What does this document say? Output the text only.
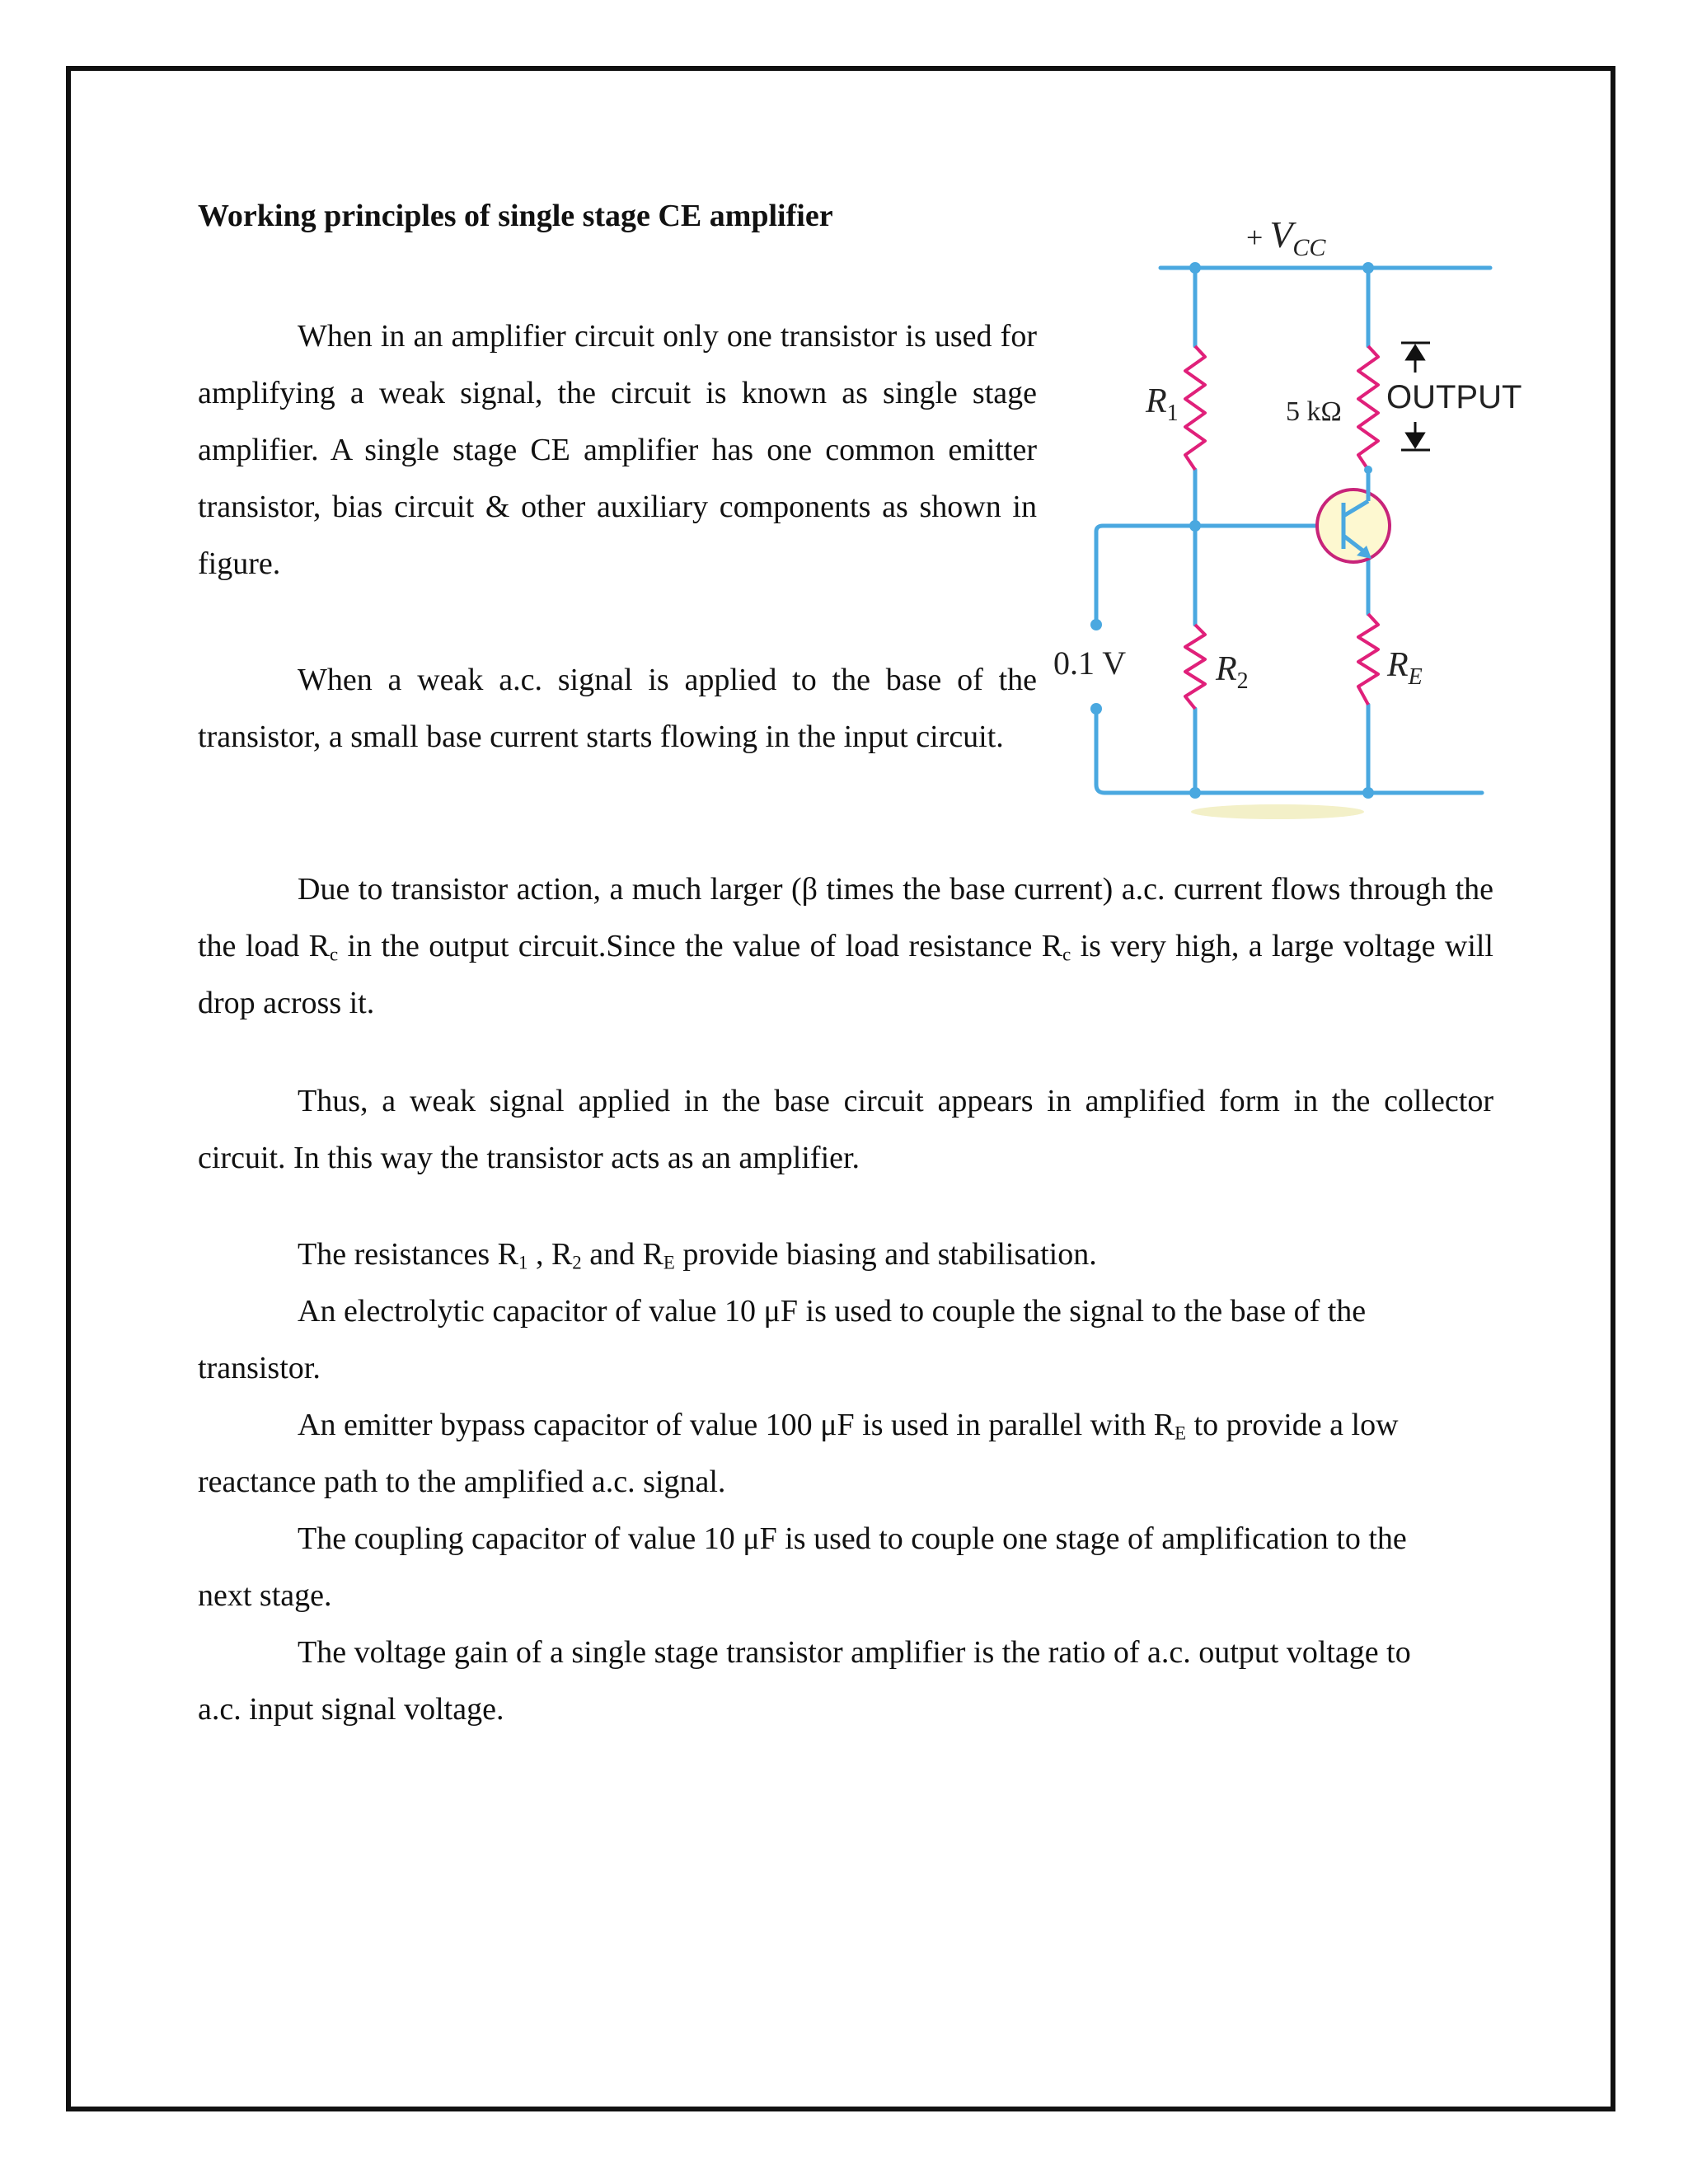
Working principles of single stage CE amplifier

When in an amplifier circuit only one transistor is used for amplifying a weak signal, the circuit is known as single stage amplifier. A single stage CE amplifier has one common emitter transistor, bias circuit & other auxiliary components as shown in figure.

When a weak a.c. signal is applied to the base of the transistor, a small base current starts flowing in the input circuit.

Due to transistor action, a much larger (β times the base current) a.c. current flows through the the load $R_c$ in the output circuit.Since the value of load resistance $R_c$ is very high, a large voltage will drop across it.

Thus, a weak signal applied in the base circuit appears in amplified form in the collector circuit. In this way the transistor acts as an amplifier.

The resistances $R_1$ , $R_2$ and $R_E$ provide biasing and stabilisation.
An electrolytic capacitor of value 10 μF is used to couple the signal to the base of the
transistor.
An emitter bypass capacitor of value 100 μF is used in parallel with $R_E$ to provide a low
reactance path to the amplified a.c. signal.
The coupling capacitor of value 10 μF is used to couple one stage of amplification to the
next stage.
The voltage gain of a single stage transistor amplifier is the ratio of a.c. output voltage to
a.c. input signal voltage.
+ $V_{CC}$
$R_1$	5 kΩ OUTPUT
0.1 V	$R_2$	$R_E$
